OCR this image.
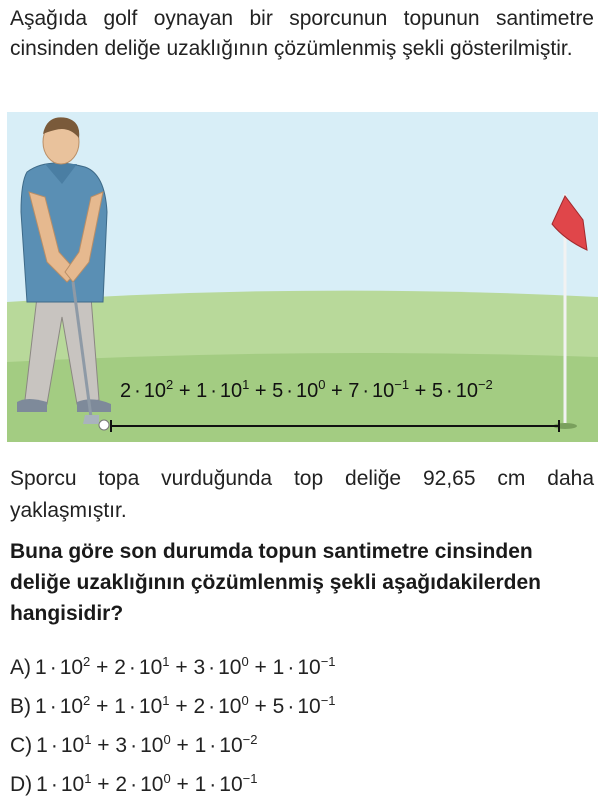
Aşağıda golf oynayan bir sporcunun topunun santimetre cinsinden deliğe uzaklığının çözümlenmiş şekli gösterilmiştir.

$2 \cdot 10^2 + 1 \cdot 10^1 + 5 \cdot 10^0 + 7 \cdot 10^{-1} + 5 \cdot 10^{-2}$

Sporcu topa vurduğunda top deliğe 92,65 cm daha yaklaşmıştır.

Buna göre son durumda topun santimetre cinsinden deliğe uzaklığının çözümlenmiş şekli aşağıdakilerden hangisidir?

A) $1 \cdot 10^2 + 2 \cdot 10^1 + 3 \cdot 10^0 + 1 \cdot 10^{-1}$
B) $1 \cdot 10^2 + 1 \cdot 10^1 + 2 \cdot 10^0 + 5 \cdot 10^{-1}$
C) $1 \cdot 10^1 + 3 \cdot 10^0 + 1 \cdot 10^{-2}$
D) $1 \cdot 10^1 + 2 \cdot 10^0 + 1 \cdot 10^{-1}$
